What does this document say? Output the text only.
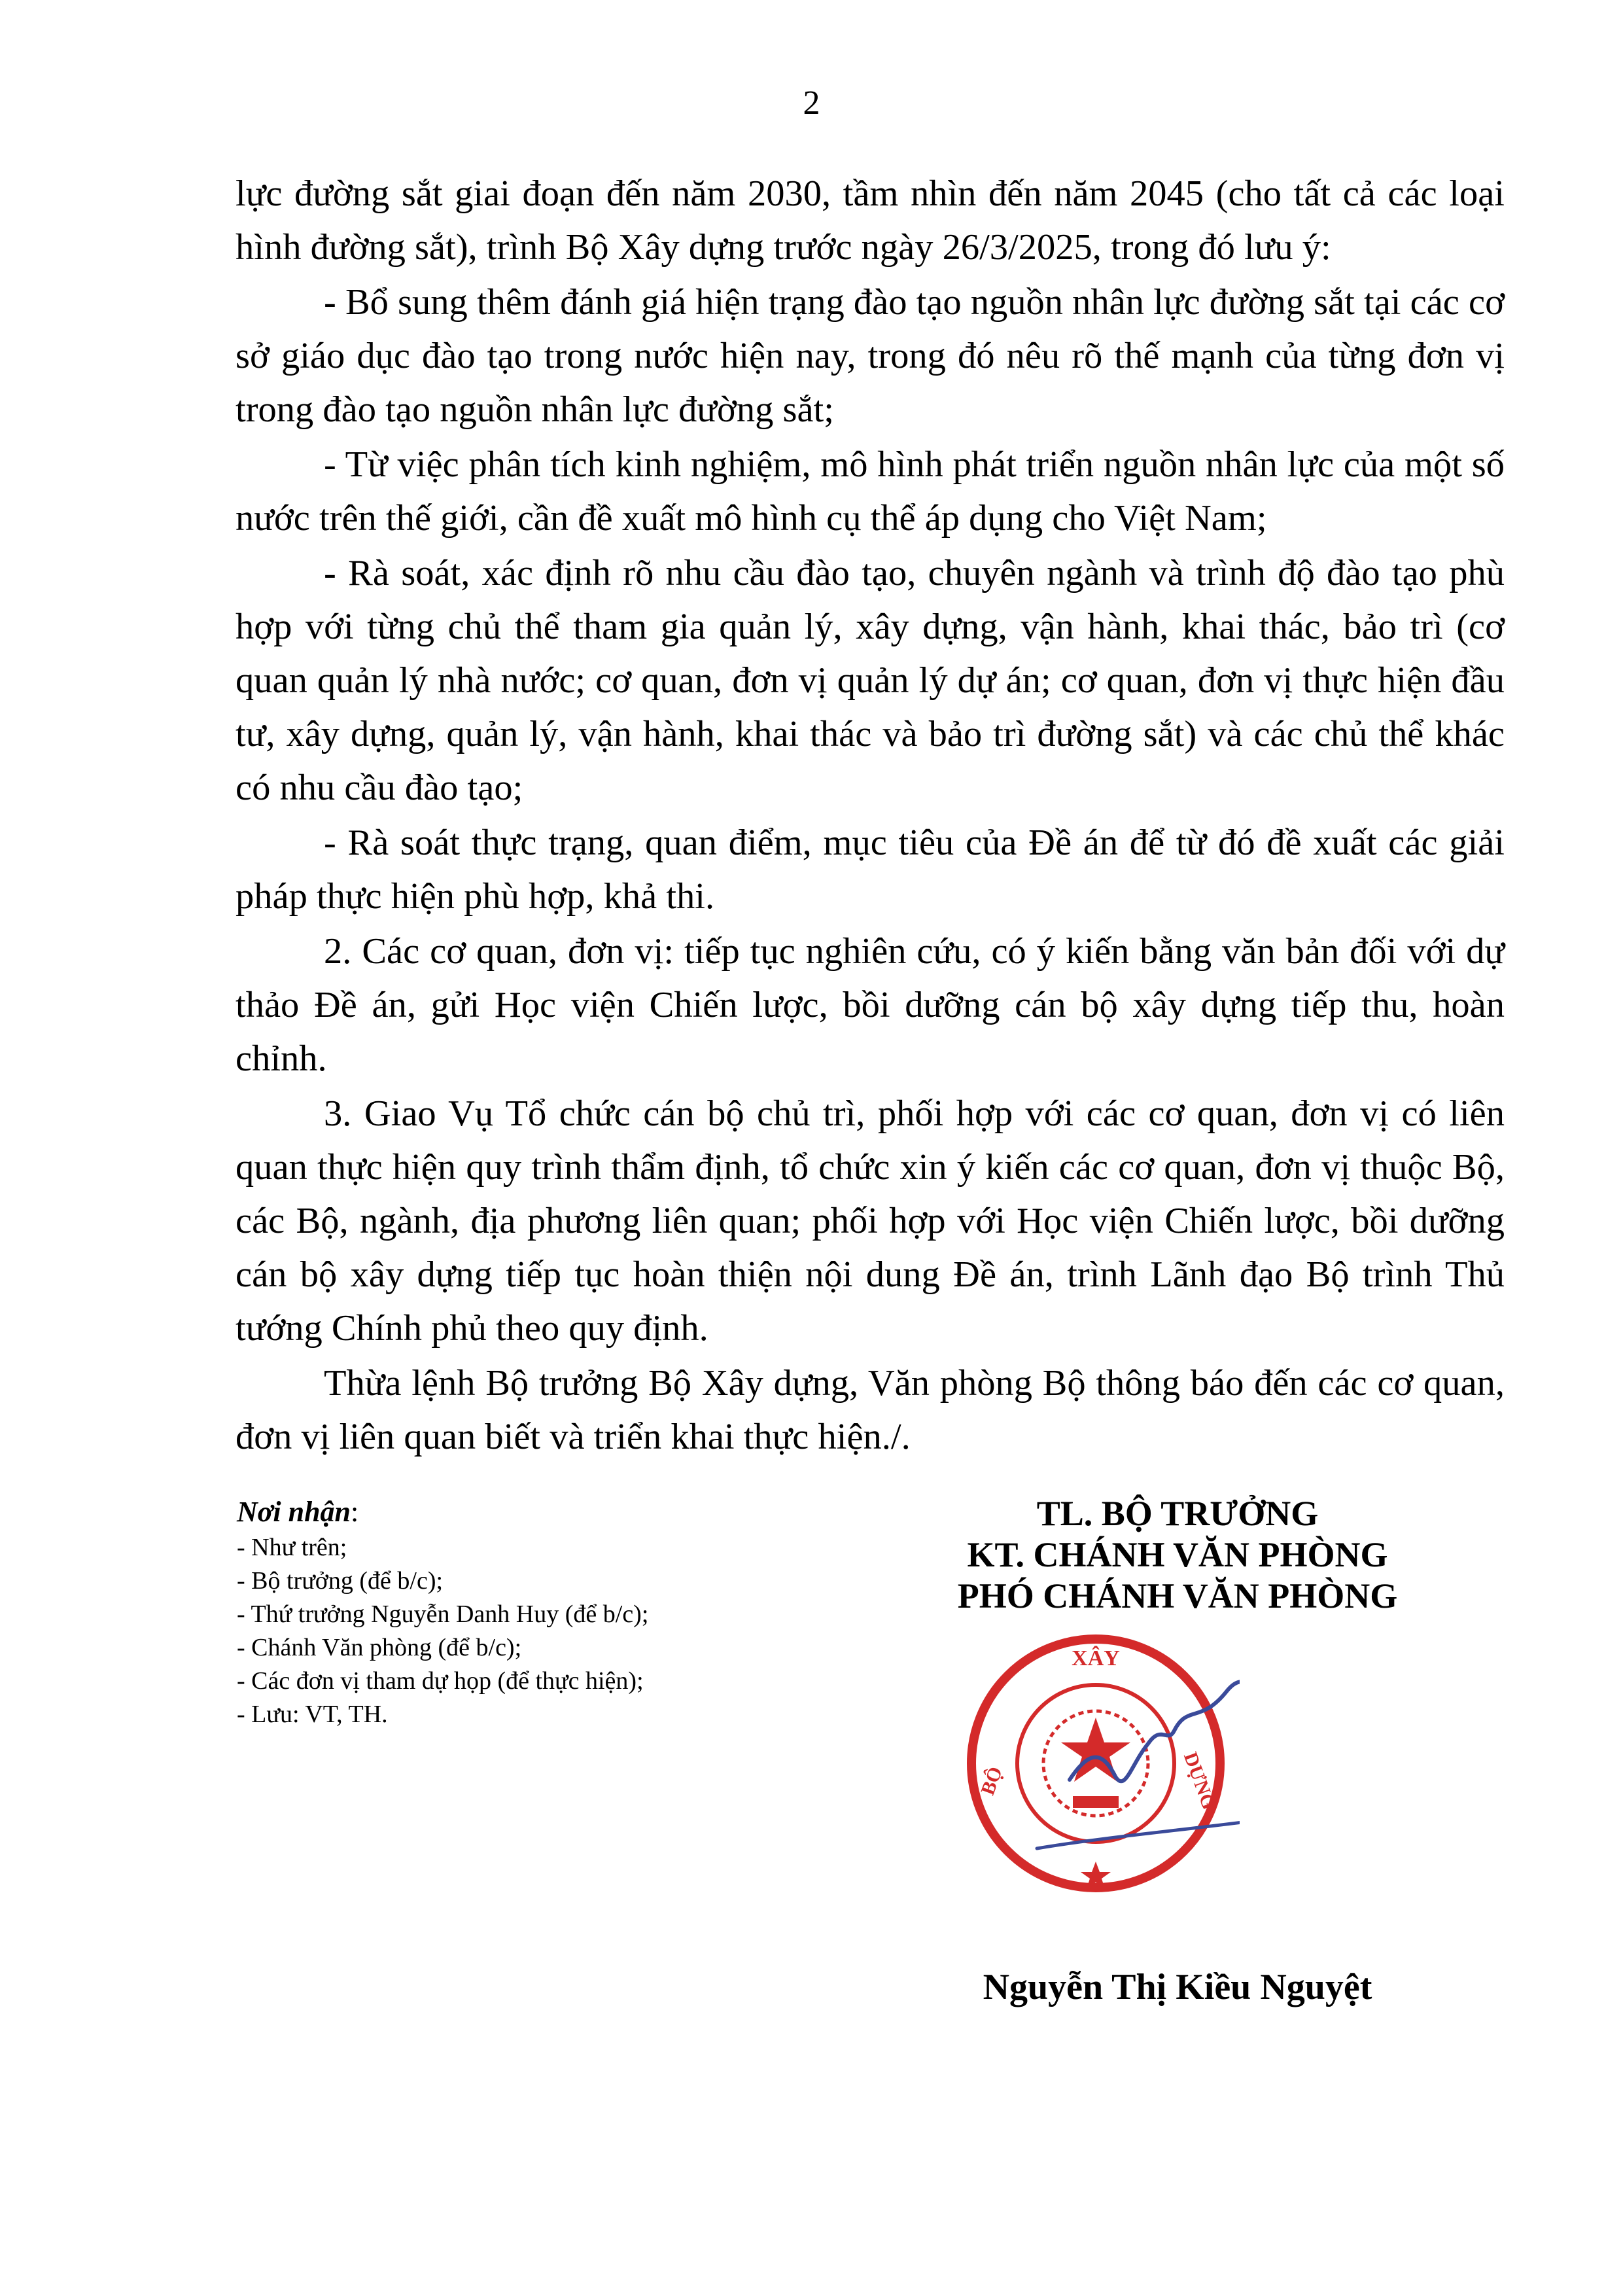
2

lực đường sắt giai đoạn đến năm 2030, tầm nhìn đến năm 2045 (cho tất cả các loại hình đường sắt), trình Bộ Xây dựng trước ngày 26/3/2025, trong đó lưu ý:

- Bổ sung thêm đánh giá hiện trạng đào tạo nguồn nhân lực đường sắt tại các cơ sở giáo dục đào tạo trong nước hiện nay, trong đó nêu rõ thế mạnh của từng đơn vị trong đào tạo nguồn nhân lực đường sắt;

- Từ việc phân tích kinh nghiệm, mô hình phát triển nguồn nhân lực của một số nước trên thế giới, cần đề xuất mô hình cụ thể áp dụng cho Việt Nam;

- Rà soát, xác định rõ nhu cầu đào tạo, chuyên ngành và trình độ đào tạo phù hợp với từng chủ thể tham gia quản lý, xây dựng, vận hành, khai thác, bảo trì (cơ quan quản lý nhà nước; cơ quan, đơn vị quản lý dự án; cơ quan, đơn vị thực hiện đầu tư, xây dựng, quản lý, vận hành, khai thác và bảo trì đường sắt) và các chủ thể khác có nhu cầu đào tạo;

- Rà soát thực trạng, quan điểm, mục tiêu của Đề án để từ đó đề xuất các giải pháp thực hiện phù hợp, khả thi.

2. Các cơ quan, đơn vị: tiếp tục nghiên cứu, có ý kiến bằng văn bản đối với dự thảo Đề án, gửi Học viện Chiến lược, bồi dưỡng cán bộ xây dựng tiếp thu, hoàn chỉnh.

3. Giao Vụ Tổ chức cán bộ chủ trì, phối hợp với các cơ quan, đơn vị có liên quan thực hiện quy trình thẩm định, tổ chức xin ý kiến các cơ quan, đơn vị thuộc Bộ, các Bộ, ngành, địa phương liên quan; phối hợp với Học viện Chiến lược, bồi dưỡng cán bộ xây dựng tiếp tục hoàn thiện nội dung Đề án, trình Lãnh đạo Bộ trình Thủ tướng Chính phủ theo quy định.

Thừa lệnh Bộ trưởng Bộ Xây dựng, Văn phòng Bộ thông báo đến các cơ quan, đơn vị liên quan biết và triển khai thực hiện./.

Nơi nhận:
- Như trên;
- Bộ trưởng (để b/c);
- Thứ trưởng Nguyễn Danh Huy (để b/c);
- Chánh Văn phòng (để b/c);
- Các đơn vị tham dự họp (để thực hiện);
- Lưu: VT, TH.
TL. BỘ TRƯỞNG
KT. CHÁNH VĂN PHÒNG
PHÓ CHÁNH VĂN PHÒNG
XÂY
BỘ	DỰNG
Nguyễn Thị Kiều Nguyệt
